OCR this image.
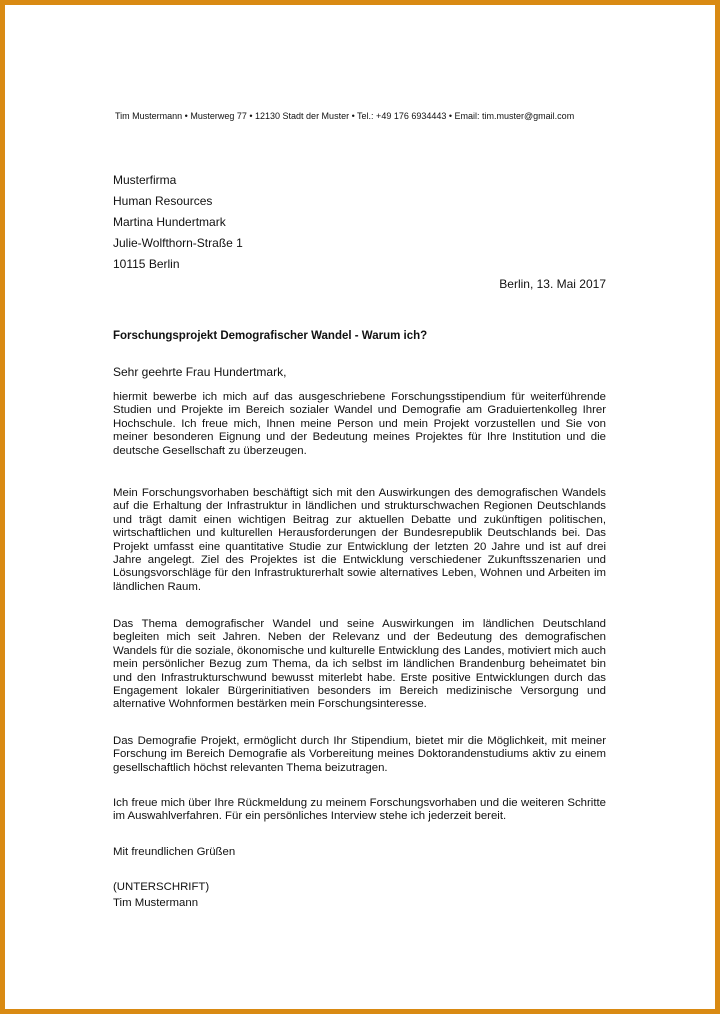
Tim Mustermann • Musterweg 77 • 12130 Stadt der Muster • Tel.: +49 176 6934443 • Email: tim.muster@gmail.com
Musterfirma
Human Resources
Martina Hundertmark
Julie-Wolfthorn-Straße 1
10115 Berlin
Berlin, 13. Mai 2017
Forschungsprojekt Demografischer Wandel - Warum ich?
Sehr geehrte Frau Hundertmark,

hiermit bewerbe ich mich auf das ausgeschriebene Forschungsstipendium für weiterführende Studien und Projekte im Bereich sozialer Wandel und Demografie am Graduiertenkolleg Ihrer Hochschule. Ich freue mich, Ihnen meine Person und mein Projekt vorzustellen und Sie von meiner besonderen Eignung und der Bedeutung meines Projektes für Ihre Institution und die deutsche Gesellschaft zu überzeugen.

Mein Forschungsvorhaben beschäftigt sich mit den Auswirkungen des demografischen Wandels auf die Erhaltung der Infrastruktur in ländlichen und strukturschwachen Regionen Deutschlands und trägt damit einen wichtigen Beitrag zur aktuellen Debatte und zukünftigen politischen, wirtschaftlichen und kulturellen Herausforderungen der Bundesrepublik Deutschlands bei. Das Projekt umfasst eine quantitative Studie zur Entwicklung der letzten 20 Jahre und ist auf drei Jahre angelegt. Ziel des Projektes ist die Entwicklung verschiedener Zukunftsszenarien und Lösungsvorschläge für den Infrastrukturerhalt sowie alternatives Leben, Wohnen und Arbeiten im ländlichen Raum.

Das Thema demografischer Wandel und seine Auswirkungen im ländlichen Deutschland begleiten mich seit Jahren. Neben der Relevanz und der Bedeutung des demografischen Wandels für die soziale, ökonomische und kulturelle Entwicklung des Landes, motiviert mich auch mein persönlicher Bezug zum Thema, da ich selbst im ländlichen Brandenburg beheimatet bin und den Infrastrukturschwund bewusst miterlebt habe. Erste positive Entwicklungen durch das Engagement lokaler Bürgerinitiativen besonders im Bereich medizinische Versorgung und alternative Wohnformen bestärken mein Forschungsinteresse.

Das Demografie Projekt, ermöglicht durch Ihr Stipendium, bietet mir die Möglichkeit, mit meiner Forschung im Bereich Demografie als Vorbereitung meines Doktorandenstudiums aktiv zu einem gesellschaftlich höchst relevanten Thema beizutragen.

Ich freue mich über Ihre Rückmeldung zu meinem Forschungsvorhaben und die weiteren Schritte im Auswahlverfahren. Für ein persönliches Interview stehe ich jederzeit bereit.

Mit freundlichen Grüßen
(UNTERSCHRIFT)
Tim Mustermann
